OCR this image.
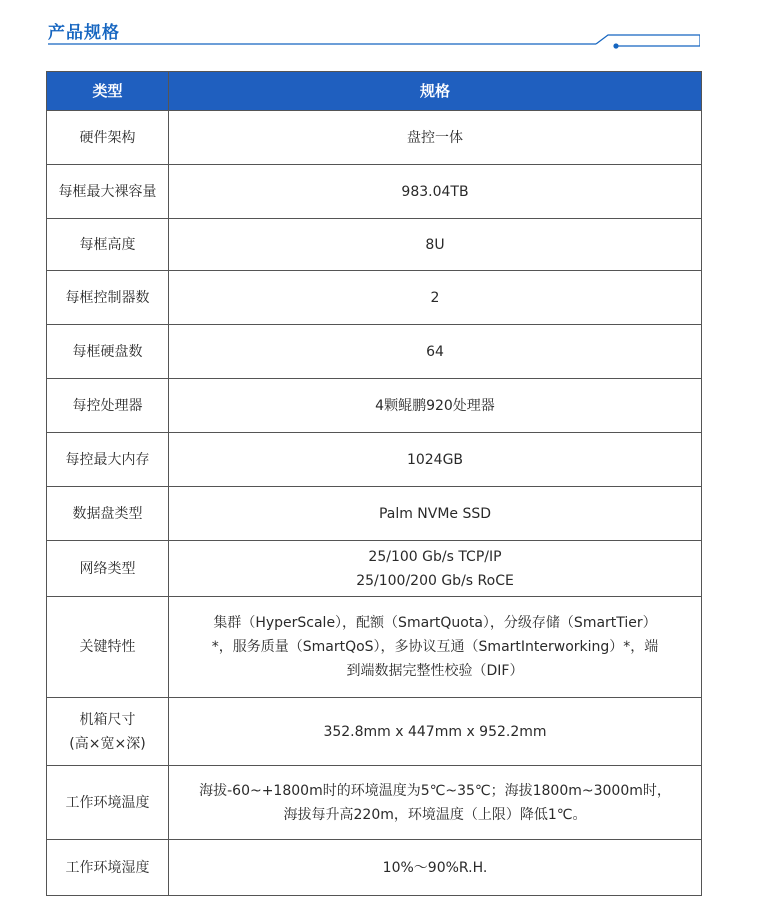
产品规格
类型	规格

硬件架构	盘控一体

每框最大裸容量	983.04TB

每框高度	8U

每框控制器数	2

每框硬盘数	64

每控处理器	4颗鲲鹏920处理器

每控最大内存	1024GB

数据盘类型	Palm NVMe SSD

网络类型	25/100 Gb/s TCP/IP
25/100/200 Gb/s RoCE

关键特性	集群（HyperScale），配额（SmartQuota），分级存储（SmartTier）
*，服务质量（SmartQoS），多协议互通（SmartInterworking）*，端
到端数据完整性校验（DIF）

机箱尺寸
(高×宽×深)	352.8mm x 447mm x 952.2mm

工作环境温度	海拔-60~+1800m时的环境温度为5℃~35℃；海拔1800m~3000m时，
海拔每升高220m，环境温度（上限）降低1℃。

工作环境湿度	10%～90%R.H.
